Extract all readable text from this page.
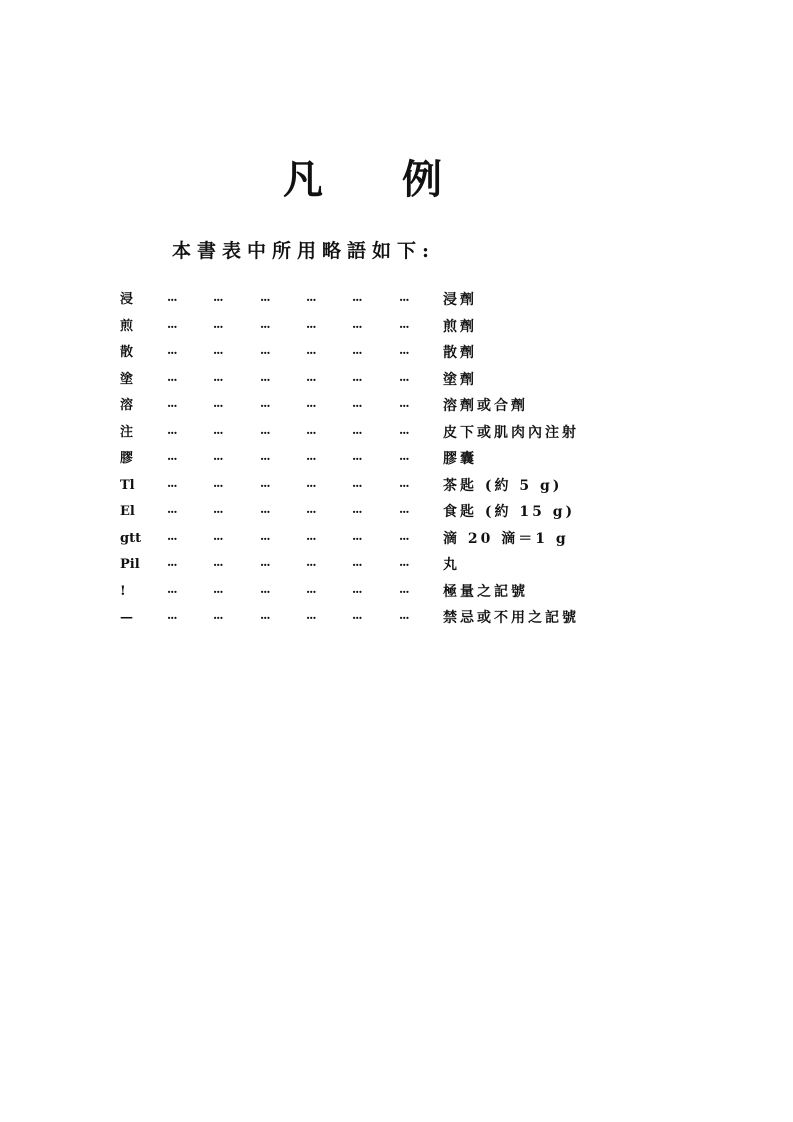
凡 例
本書表中所用略語如下:
浸	···	···	···	···	···	··· 浸劑
煎	···	···	···	···	···	··· 煎劑
散	···	···	···	···	···	··· 散劑
塗	···	···	···	···	···	··· 塗劑
溶	···	···	···	···	···	··· 溶劑或合劑
注	···	···	···	···	···	··· 皮下或肌肉內注射
膠	···	···	···	···	···	··· 膠囊
Tl	···	···	···	···	···	··· 茶匙 (約 5 g)
El	···	···	···	···	···	··· 食匙 (約 15 g)
gtt ···	···	···	···	···	··· 滴 20 滴＝1 g
Pil ···	···	···	···	···	··· 丸
!	···	···	···	···	···	··· 極量之記號
—	···	···	···	···	···	··· 禁忌或不用之記號
